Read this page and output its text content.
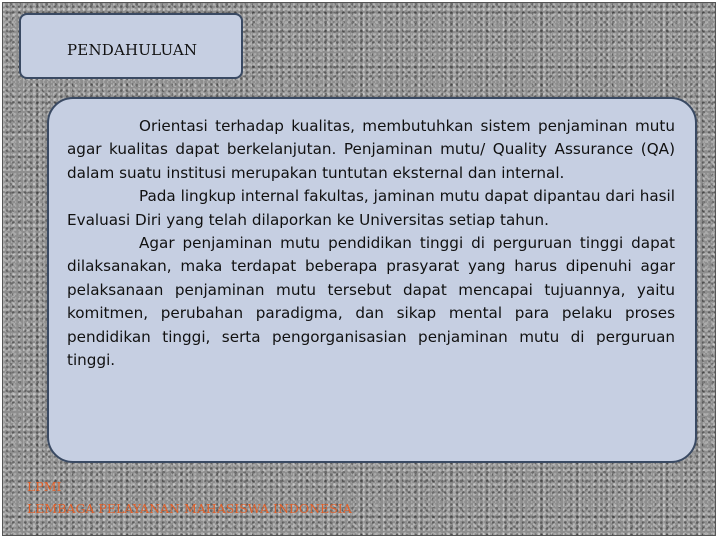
PENDAHULUAN

Orientasi terhadap kualitas, membutuhkan sistem penjaminan mutu agar kualitas dapat berkelanjutan. Penjaminan mutu/ Quality Assurance (QA) dalam suatu institusi merupakan tuntutan eksternal dan internal.

Pada lingkup internal fakultas, jaminan mutu dapat dipantau dari hasil Evaluasi Diri yang telah dilaporkan ke Universitas setiap tahun.

Agar penjaminan mutu pendidikan tinggi di perguruan tinggi dapat dilaksanakan, maka terdapat beberapa prasyarat yang harus dipenuhi agar pelaksanaan penjaminan mutu tersebut dapat mencapai tujuannya, yaitu komitmen, perubahan paradigma, dan sikap mental para pelaku proses pendidikan tinggi, serta pengorganisasian penjaminan mutu di perguruan tinggi.

LPMI
LEMBAGA PELAYANAN MAHASISWA INDONESIA
